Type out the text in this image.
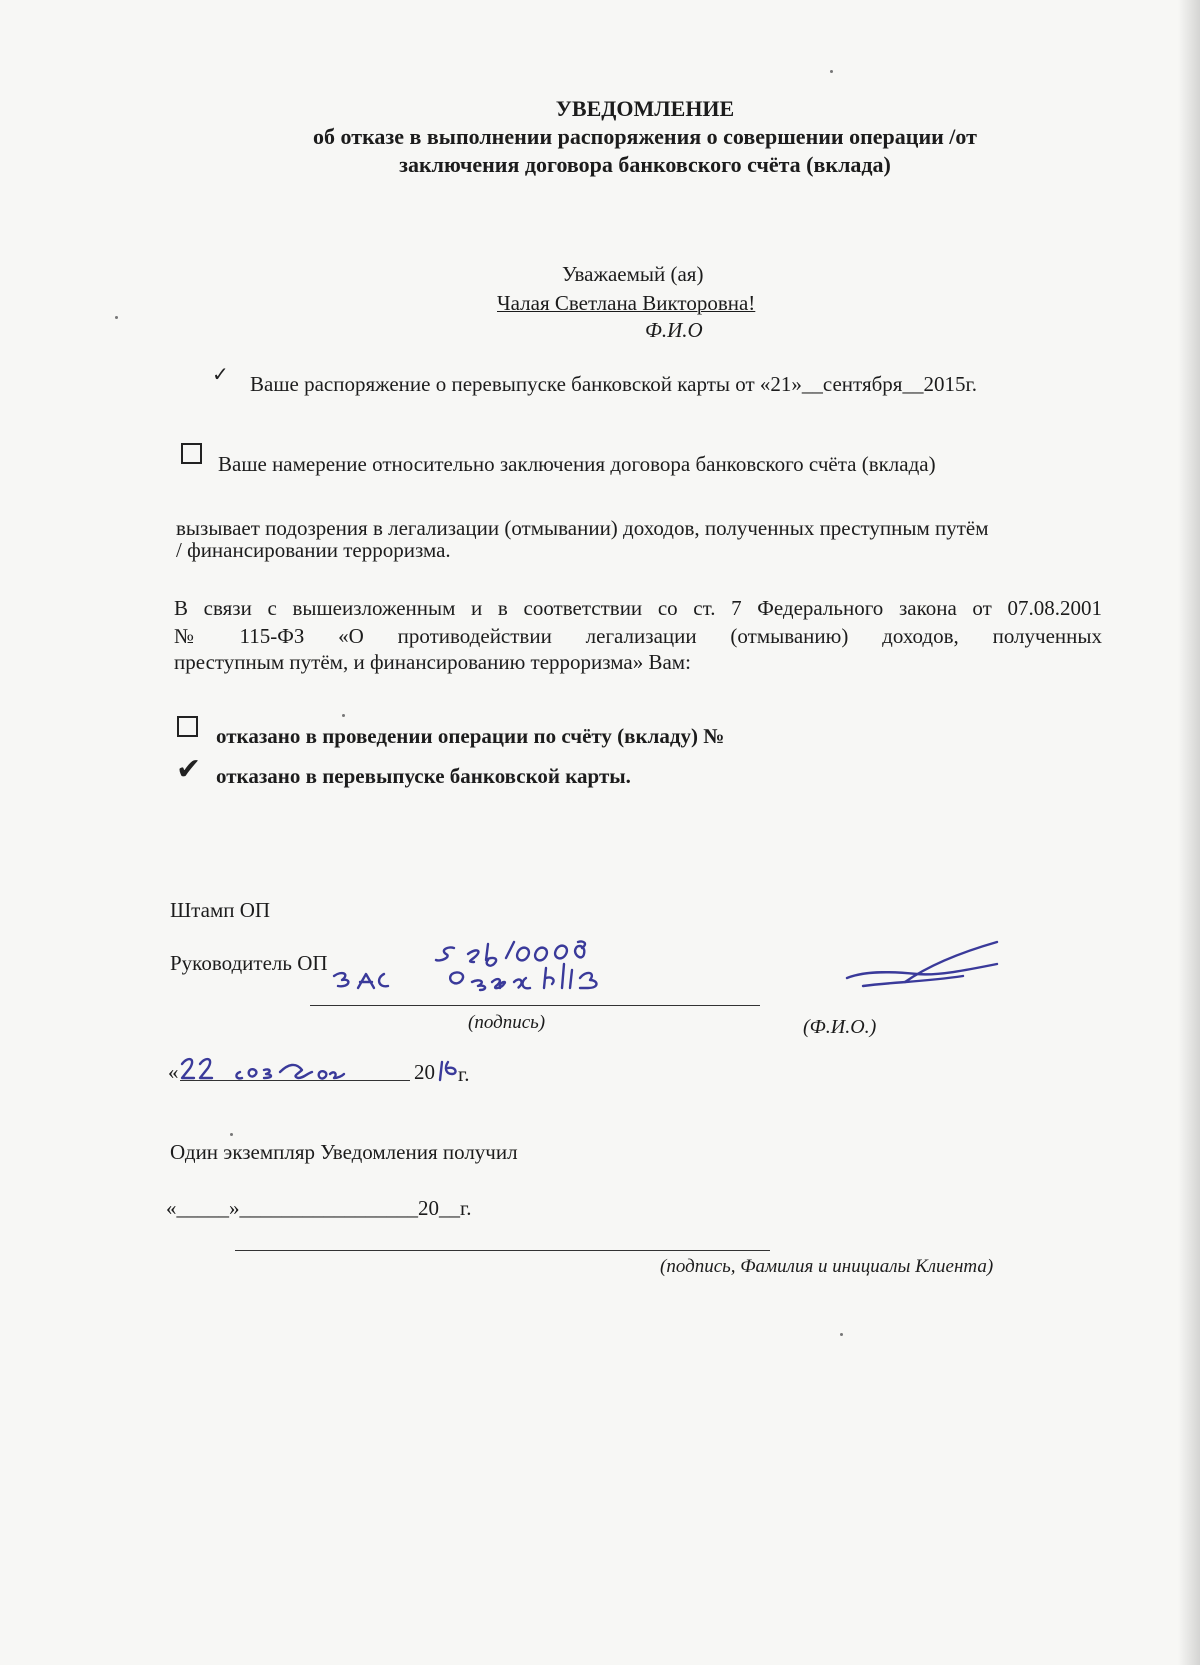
УВЕДОМЛЕНИЕ
об отказе в выполнении распоряжения о совершении операции /от
заключения договора банковского счёта (вклада)
Уважаемый (ая)
Чалая Светлана Викторовна!
Ф.И.О
✓ Ваше распоряжение о перевыпуске банковской карты от «21»__сентября__2015г.
Ваше намерение относительно заключения договора банковского счёта (вклада)
вызывает подозрения в легализации (отмывании) доходов, полученных преступным путём
/ финансировании терроризма.
В связи с вышеизложенным и в соответствии со ст. 7 Федерального закона от 07.08.2001
№  115-ФЗ  «О  противодействии  легализации  (отмыванию)  доходов,  полученных
преступным путём, и финансированию терроризма» Вам:
отказано в проведении операции по счёту (вкладу) №
✔ отказано в перевыпуске банковской карты.
Штамп ОП
Руководитель ОП
(подпись)	(Ф.И.О.)
«	20 г.
Один экземпляр Уведомления получил
«_____»_________________20__г.
(подпись, Фамилия и инициалы Клиента)
